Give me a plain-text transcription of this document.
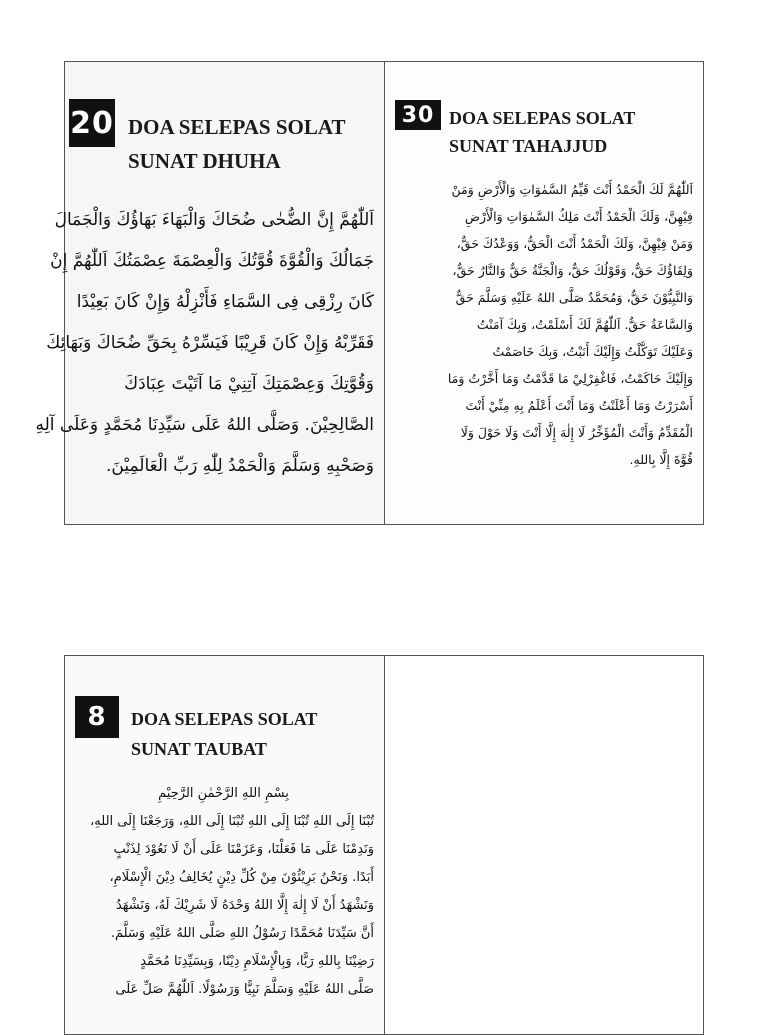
20 DOA SELEPAS SOLAT
SUNAT DHUHA

اَللّٰهُمَّ إِنَّ الضُّحٰى ضُحَاكَ وَالْبَهَاءَ بَهَاؤُكَ وَالْجَمَالَ

جَمَالُكَ وَالْقُوَّةَ قُوَّتُكَ وَالْعِصْمَةَ عِصْمَتُكَ اَللّٰهُمَّ إِنْ

كَانَ رِزْقِى فِى السَّمَاءِ فَأَنْزِلْهُ وَإِنْ كَانَ بَعِيْدًا

فَقَرِّبْهُ وَإِنْ كَانَ قَرِيْبًا فَيَسِّرْهُ بِحَقِّ ضُحَاكَ وَبَهَائِكَ

وَقُوَّتِكَ وَعِصْمَتِكَ آتِنِيْ مَا آتَيْتَ عِبَادَكَ

الصَّالِحِيْنَ. وَصَلَّى اللهُ عَلَى سَيِّدِنَا مُحَمَّدٍ وَعَلَى آلِهِ

وَصَحْبِهِ وَسَلَّمَ وَالْحَمْدُ لِلّٰهِ رَبِّ الْعَالَمِيْنَ.

30 DOA SELEPAS SOLAT
SUNAT TAHAJJUD

اَللّٰهُمَّ لَكَ الْحَمْدُ أَنْتَ قَيِّمُ السَّمٰوَاتِ وَالْأَرْضِ وَمَنْ

فِيْهِنَّ، وَلَكَ الْحَمْدُ أَنْتَ مَلِكُ السَّمٰوَاتِ وَالْأَرْضِ

وَمَنْ فِيْهِنَّ، وَلَكَ الْحَمْدُ أَنْتَ الْحَقُّ، وَوَعْدُكَ حَقٌّ،

وَلِقَاؤُكَ حَقٌّ، وَقَوْلُكَ حَقٌّ، وَالْجَنَّةُ حَقٌّ وَالنَّارُ حَقٌّ،

وَالنَّبِيُّوْنَ حَقٌّ، وَمُحَمَّدٌ صَلَّى اللهُ عَلَيْهِ وَسَلَّمَ حَقٌّ

وَالسَّاعَةُ حَقٌّ. اَللّٰهُمَّ لَكَ أَسْلَمْتُ، وَبِكَ آمَنْتُ

وَعَلَيْكَ تَوَكَّلْتُ وَإِلَيْكَ أَنَبْتُ، وَبِكَ خَاصَمْتُ

وَإِلَيْكَ حَاكَمْتُ، فَاغْفِرْلِيْ مَا قَدَّمْتُ وَمَا أَخَّرْتُ وَمَا

أَسْرَرْتُ وَمَا أَعْلَنْتُ وَمَا أَنْتَ أَعْلَمُ بِهِ مِنِّيْ أَنْتَ

الْمُقَدِّمُ وَأَنْتَ الْمُؤَخِّرُ لَا إِلٰهَ إِلَّا أَنْتَ وَلَا حَوْلَ وَلَا

قُوَّةَ إِلَّا بِاللهِ.

8	DOA SELEPAS SOLAT
SUNAT TAUBAT

بِسْمِ اللهِ الرَّحْمٰنِ الرَّحِيْمِ

تُبْنَا إِلَى اللهِ تُبْنَا إِلَى اللهِ تُبْنَا إِلَى اللهِ، وَرَجَعْنَا إِلَى اللهِ،

وَنَدِمْنَا عَلَى مَا فَعَلْنَا، وَعَزَمْنَا عَلَى أَنْ لَا نَعُوْدَ لِذَنْبٍ

أَبَدًا. وَنَحْنُ بَرِيْئُوْنَ مِنْ كُلِّ دِيْنٍ يُخَالِفُ دِيْنَ الْإِسْلَامِ،

وَنَشْهَدُ أَنْ لَا إِلٰهَ إِلَّا اللهُ وَحْدَهُ لَا شَرِيْكَ لَهُ، وَنَشْهَدُ

أَنَّ سَيِّدَنَا مُحَمَّدًا رَسُوْلُ اللهِ صَلَّى اللهُ عَلَيْهِ وَسَلَّمَ.

رَضِيْنَا بِاللهِ رَبًّا، وَبِالْإِسْلَامِ دِيْنًا، وَبِسَيِّدِنَا مُحَمَّدٍ

صَلَّى اللهُ عَلَيْهِ وَسَلَّمَ نَبِيًّا وَرَسُوْلًا. اَللّٰهُمَّ صَلِّ عَلَى
